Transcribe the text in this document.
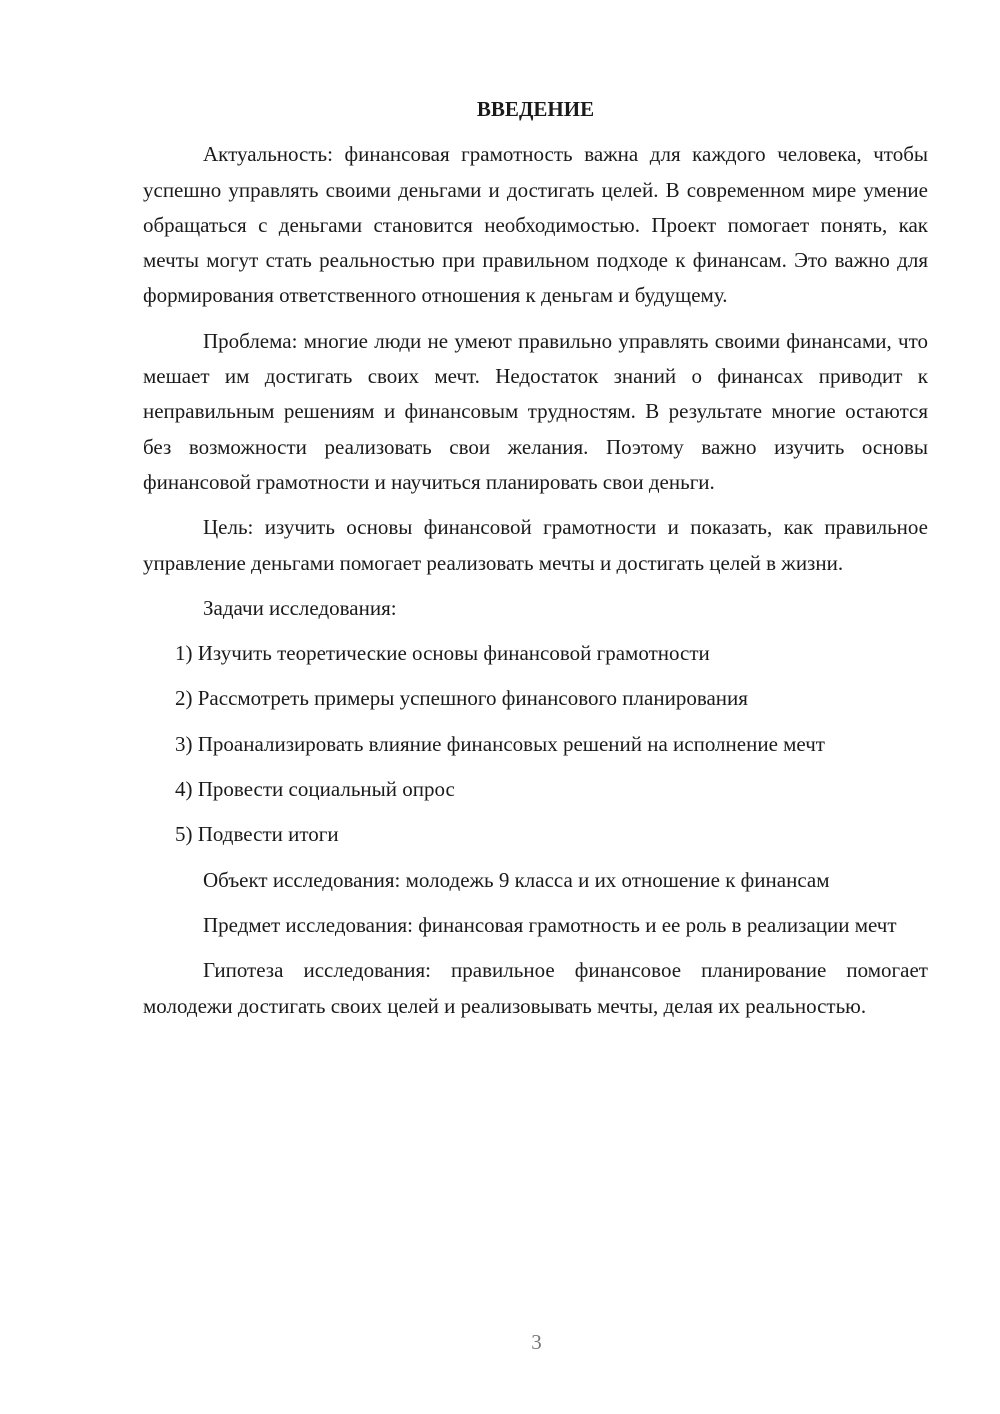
ВВЕДЕНИЕ

Актуальность: финансовая грамотность важна для каждого человека, чтобы успешно управлять своими деньгами и достигать целей. В современном мире умение обращаться с деньгами становится необходимостью. Проект помогает понять, как мечты могут стать реальностью при правильном подходе к финансам. Это важно для формирования ответственного отношения к деньгам и будущему.

Проблема: многие люди не умеют правильно управлять своими финансами, что мешает им достигать своих мечт. Недостаток знаний о финансах приводит к неправильным решениям и финансовым трудностям. В результате многие остаются без возможности реализовать свои желания. Поэтому важно изучить основы финансовой грамотности и научиться планировать свои деньги.

Цель: изучить основы финансовой грамотности и показать, как правильное управление деньгами помогает реализовать мечты и достигать целей в жизни.

Задачи исследования:

1) Изучить теоретические основы финансовой грамотности

2) Рассмотреть примеры успешного финансового планирования

3) Проанализировать влияние финансовых решений на исполнение мечт

4) Провести социальный опрос

5) Подвести итоги

Объект исследования: молодежь 9 класса и их отношение к финансам

Предмет исследования: финансовая грамотность и ее роль в реализации мечт

Гипотеза исследования: правильное финансовое планирование помогает молодежи достигать своих целей и реализовывать мечты, делая их реальностью.

3
